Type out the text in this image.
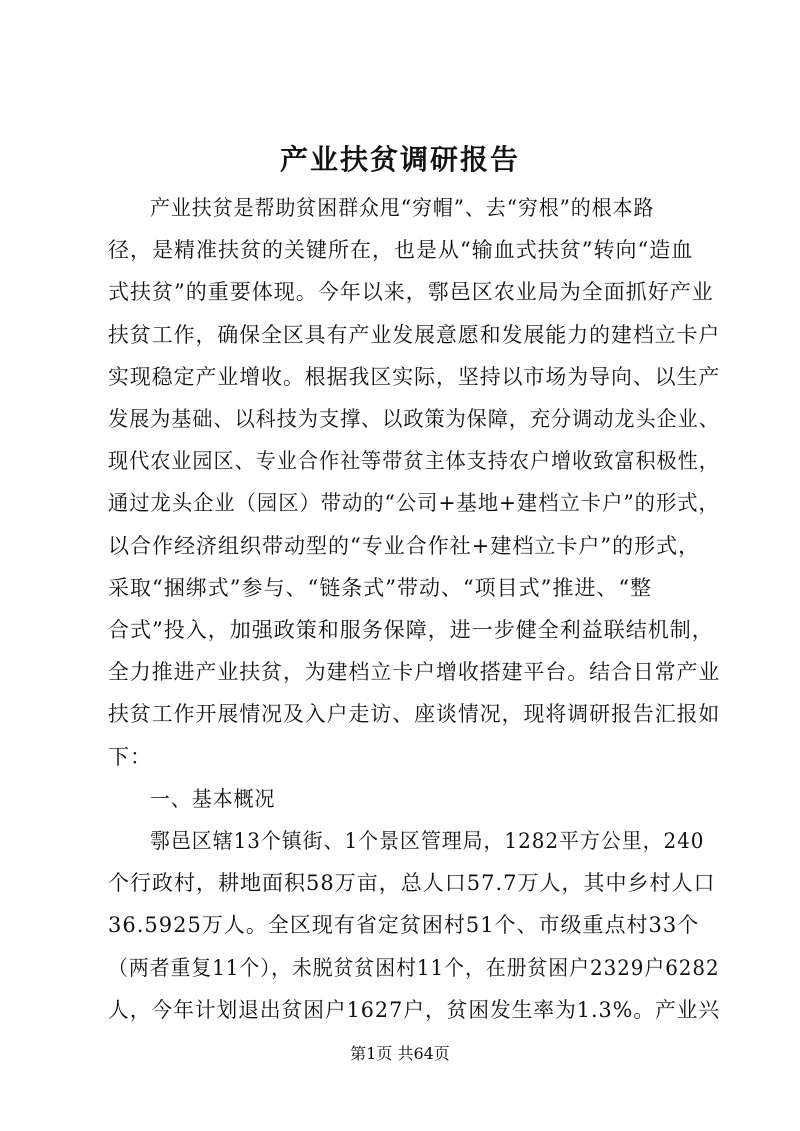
产业扶贫调研报告
产业扶贫是帮助贫困群众甩“穷帽”、去“穷根”的根本路
径，是精准扶贫的关键所在，也是从“输血式扶贫”转向“造血
式扶贫”的重要体现。今年以来，鄠邑区农业局为全面抓好产业
扶贫工作，确保全区具有产业发展意愿和发展能力的建档立卡户
实现稳定产业增收。根据我区实际，坚持以市场为导向、以生产
发展为基础、以科技为支撑、以政策为保障，充分调动龙头企业、
现代农业园区、专业合作社等带贫主体支持农户增收致富积极性，
通过龙头企业（园区）带动的“公司+基地+建档立卡户”的形式，
以合作经济组织带动型的“专业合作社+建档立卡户”的形式，
采取“捆绑式”参与、“链条式”带动、“项目式”推进、“整
合式”投入，加强政策和服务保障，进一步健全利益联结机制，
全力推进产业扶贫，为建档立卡户增收搭建平台。结合日常产业
扶贫工作开展情况及入户走访、座谈情况，现将调研报告汇报如
下：
一、基本概况
鄠邑区辖13个镇街、1个景区管理局，1282平方公里，240
个行政村，耕地面积58万亩，总人口57.7万人，其中乡村人口
36.5925万人。全区现有省定贫困村51个、市级重点村33个
第1页 共64页
（两者重复11个），未脱贫贫困村11个，在册贫困户2329户6282
人，今年计划退出贫困户1627户，贫困发生率为1.3%。产业兴
